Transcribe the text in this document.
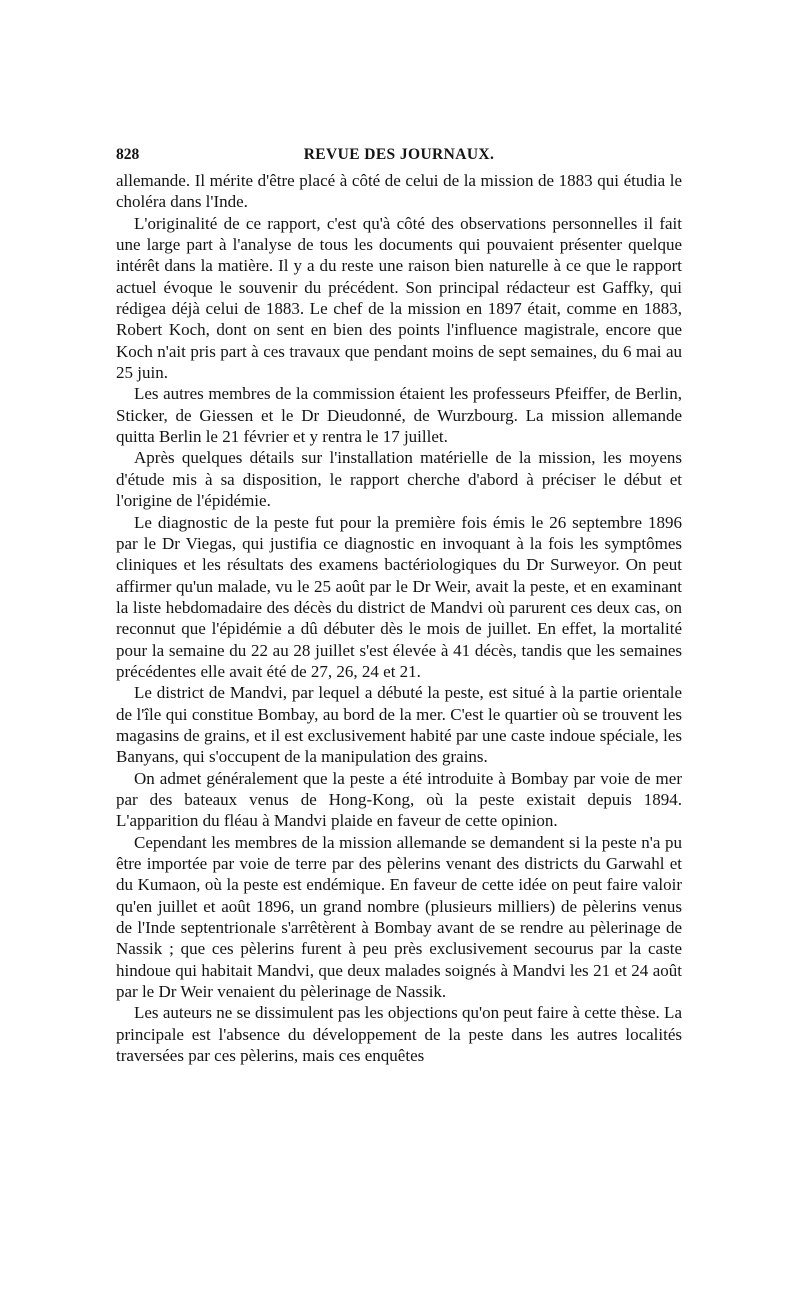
828	REVUE DES JOURNAUX.

allemande. Il mérite d'être placé à côté de celui de la mission de 1883 qui étudia le choléra dans l'Inde.

L'originalité de ce rapport, c'est qu'à côté des observations personnelles il fait une large part à l'analyse de tous les documents qui pouvaient présenter quelque intérêt dans la matière. Il y a du reste une raison bien naturelle à ce que le rapport actuel évoque le souvenir du précédent. Son principal rédacteur est Gaffky, qui rédigea déjà celui de 1883. Le chef de la mission en 1897 était, comme en 1883, Robert Koch, dont on sent en bien des points l'influence magistrale, encore que Koch n'ait pris part à ces travaux que pendant moins de sept semaines, du 6 mai au 25 juin.

Les autres membres de la commission étaient les professeurs Pfeiffer, de Berlin, Sticker, de Giessen et le Dr Dieudonné, de Wurzbourg. La mission allemande quitta Berlin le 21 février et y rentra le 17 juillet.

Après quelques détails sur l'installation matérielle de la mission, les moyens d'étude mis à sa disposition, le rapport cherche d'abord à préciser le début et l'origine de l'épidémie.

Le diagnostic de la peste fut pour la première fois émis le 26 septembre 1896 par le Dr Viegas, qui justifia ce diagnostic en invoquant à la fois les symptômes cliniques et les résultats des examens bactériologiques du Dr Surweyor. On peut affirmer qu'un malade, vu le 25 août par le Dr Weir, avait la peste, et en examinant la liste hebdomadaire des décès du district de Mandvi où parurent ces deux cas, on reconnut que l'épidémie a dû débuter dès le mois de juillet. En effet, la mortalité pour la semaine du 22 au 28 juillet s'est élevée à 41 décès, tandis que les semaines précédentes elle avait été de 27, 26, 24 et 21.

Le district de Mandvi, par lequel a débuté la peste, est situé à la partie orientale de l'île qui constitue Bombay, au bord de la mer. C'est le quartier où se trouvent les magasins de grains, et il est exclusivement habité par une caste indoue spéciale, les Banyans, qui s'occupent de la manipulation des grains.

On admet généralement que la peste a été introduite à Bombay par voie de mer par des bateaux venus de Hong-Kong, où la peste existait depuis 1894. L'apparition du fléau à Mandvi plaide en faveur de cette opinion.

Cependant les membres de la mission allemande se demandent si la peste n'a pu être importée par voie de terre par des pèlerins venant des districts du Garwahl et du Kumaon, où la peste est endémique. En faveur de cette idée on peut faire valoir qu'en juillet et août 1896, un grand nombre (plusieurs milliers) de pèlerins venus de l'Inde septentrionale s'arrêtèrent à Bombay avant de se rendre au pèlerinage de Nassik ; que ces pèlerins furent à peu près exclusivement secourus par la caste hindoue qui habitait Mandvi, que deux malades soignés à Mandvi les 21 et 24 août par le Dr Weir venaient du pèlerinage de Nassik.

Les auteurs ne se dissimulent pas les objections qu'on peut faire à cette thèse. La principale est l'absence du développement de la peste dans les autres localités traversées par ces pèlerins, mais ces enquêtes
